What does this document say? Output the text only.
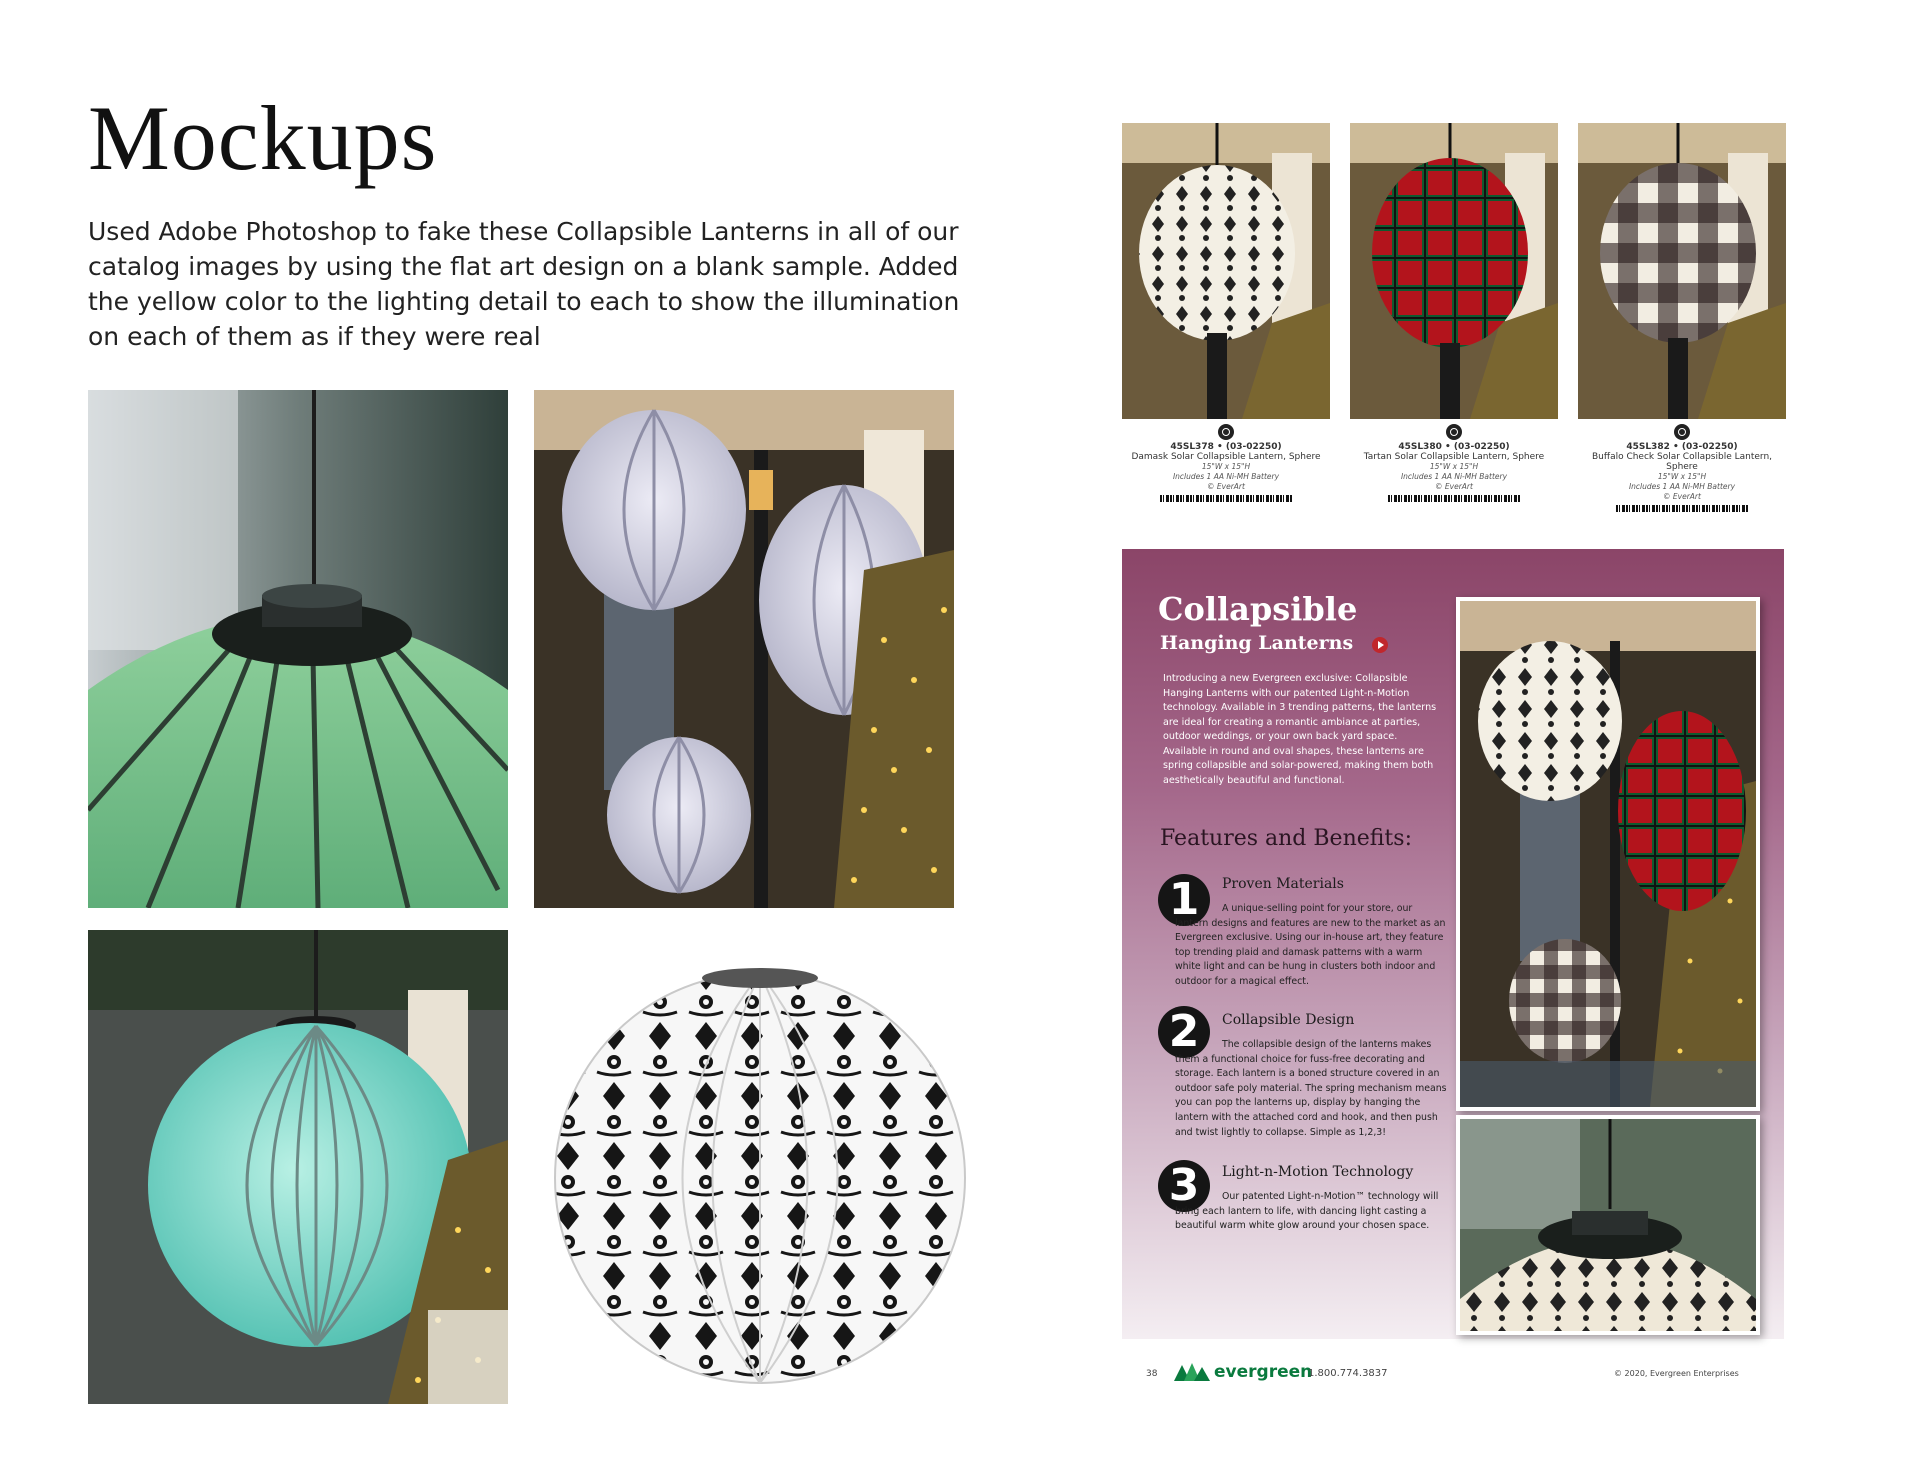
Mockups
Used Adobe Photoshop to fake these Collapsible Lanterns in all of our catalog images by using the flat art design on a blank sample. Added the yellow color to the lighting detail to each to show the illumination on each of them as if they were real
45SL378 • (03-02250)
Damask Solar Collapsible Lantern, Sphere
15"W x 15"H
Includes 1 AA Ni-MH Battery
© EverArt
45SL380 • (03-02250)
Tartan Solar Collapsible Lantern, Sphere
15"W x 15"H
Includes 1 AA Ni-MH Battery
© EverArt
45SL382 • (03-02250)
Buffalo Check Solar Collapsible Lantern, Sphere
15"W x 15"H
Includes 1 AA Ni-MH Battery
© EverArt
Collapsible
Hanging Lanterns
Introducing a new Evergreen exclusive: Collapsible Hanging Lanterns with our patented Light-n-Motion technology. Available in 3 trending patterns, the lanterns are ideal for creating a romantic ambiance at parties, outdoor weddings, or your own back yard space. Available in round and oval shapes, these lanterns are spring collapsible and solar-powered, making them both aesthetically beautiful and functional.
Features and Benefits:
1	Proven Materials
A unique-selling point for your store, our lantern designs and features are new to the market as an Evergreen exclusive. Using our in-house art, they feature top trending plaid and damask patterns with a warm white light and can be hung in clusters both indoor and outdoor for a magical effect.
2	Collapsible Design
The collapsible design of the lanterns makes them a functional choice for fuss-free decorating and storage. Each lantern is a boned structure covered in an outdoor safe poly material. The spring mechanism means you can pop the lanterns up, display by hanging the lantern with the attached cord and hook, and then push and twist lightly to collapse. Simple as 1,2,3!
3	Light-n-Motion Technology
Our patented Light-n-Motion™ technology will bring each lantern to life, with dancing light casting a beautiful warm white glow around your chosen space.
38	evergreen
1.800.774.3837	© 2020, Evergreen Enterprises
